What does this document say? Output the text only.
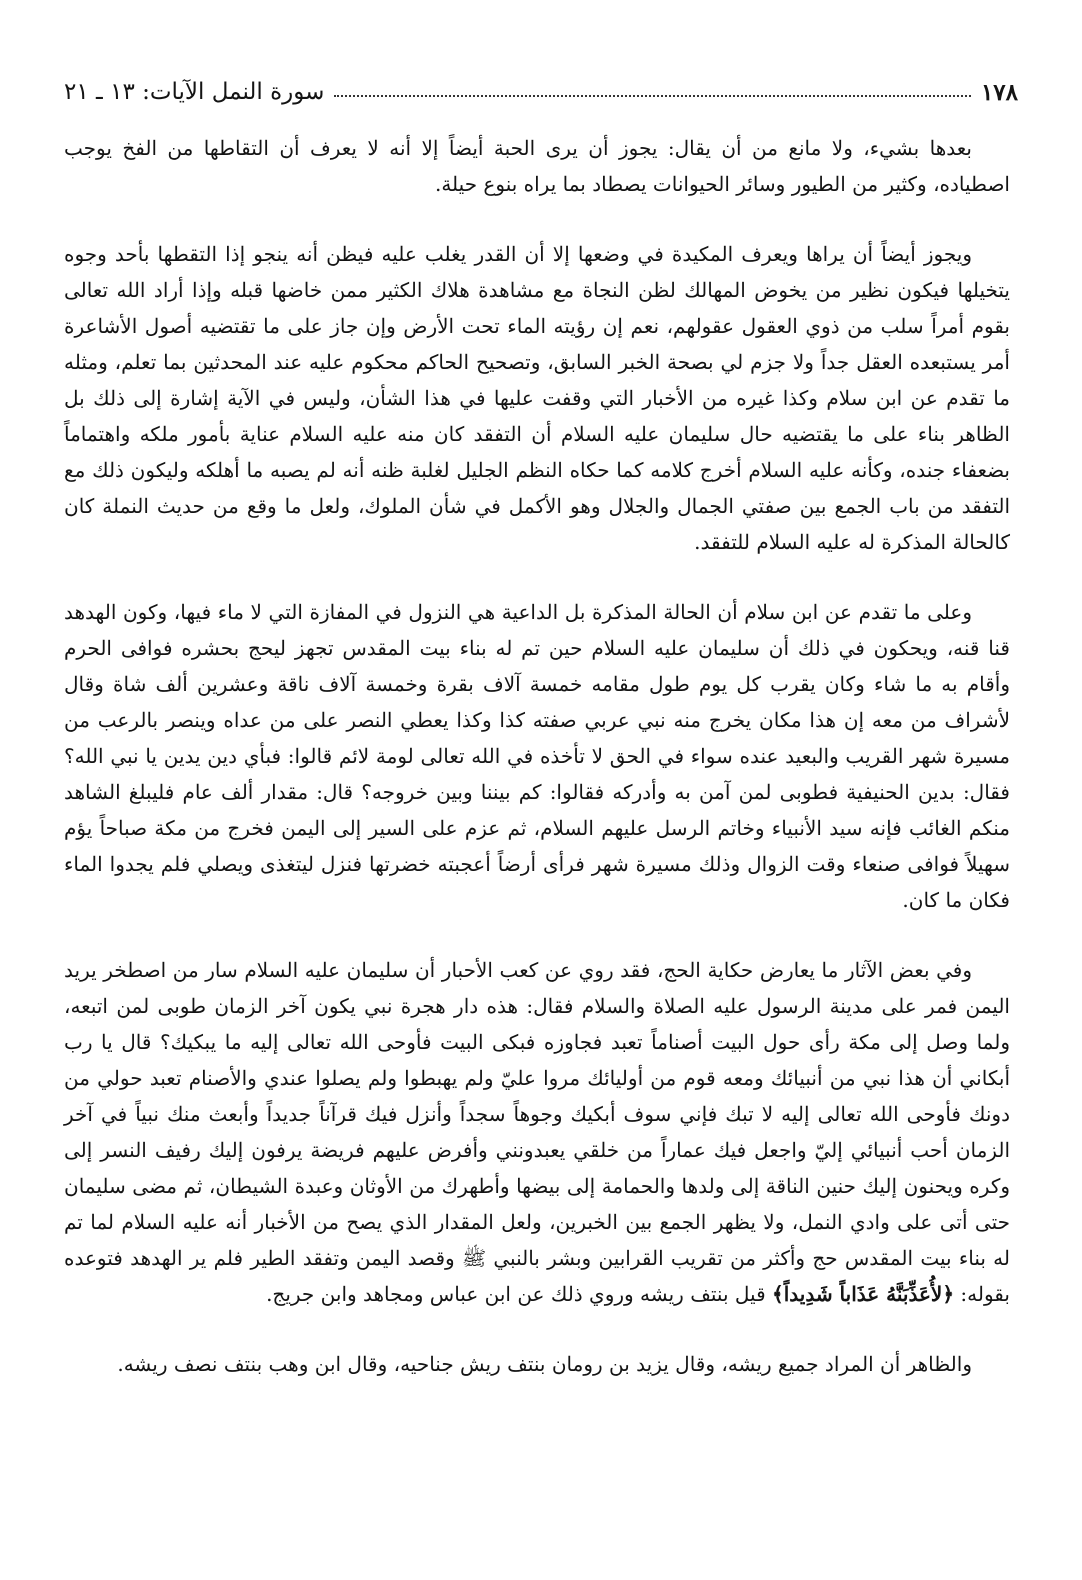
١٧٨
سورة النمل الآيات: ١٣ ـ ٢١

بعدها بشيء، ولا مانع من أن يقال: يجوز أن يرى الحبة أيضاً إلا أنه لا يعرف أن التقاطها من الفخ يوجب اصطياده، وكثير من الطيور وسائر الحيوانات يصطاد بما يراه بنوع حيلة.

ويجوز أيضاً أن يراها ويعرف المكيدة في وضعها إلا أن القدر يغلب عليه فيظن أنه ينجو إذا التقطها بأحد وجوه يتخيلها فيكون نظير من يخوض المهالك لظن النجاة مع مشاهدة هلاك الكثير ممن خاضها قبله وإذا أراد الله تعالى بقوم أمراً سلب من ذوي العقول عقولهم، نعم إن رؤيته الماء تحت الأرض وإن جاز على ما تقتضيه أصول الأشاعرة أمر يستبعده العقل جداً ولا جزم لي بصحة الخبر السابق، وتصحيح الحاكم محكوم عليه عند المحدثين بما تعلم، ومثله ما تقدم عن ابن سلام وكذا غيره من الأخبار التي وقفت عليها في هذا الشأن، وليس في الآية إشارة إلى ذلك بل الظاهر بناء على ما يقتضيه حال سليمان عليه السلام أن التفقد كان منه عليه السلام عناية بأمور ملكه واهتماماً بضعفاء جنده، وكأنه عليه السلام أخرج كلامه كما حكاه النظم الجليل لغلبة ظنه أنه لم يصبه ما أهلكه وليكون ذلك مع التفقد من باب الجمع بين صفتي الجمال والجلال وهو الأكمل في شأن الملوك، ولعل ما وقع من حديث النملة كان كالحالة المذكرة له عليه السلام للتفقد.

وعلى ما تقدم عن ابن سلام أن الحالة المذكرة بل الداعية هي النزول في المفازة التي لا ماء فيها، وكون الهدهد قنا قنه، ويحكون في ذلك أن سليمان عليه السلام حين تم له بناء بيت المقدس تجهز ليحج بحشره فوافى الحرم وأقام به ما شاء وكان يقرب كل يوم طول مقامه خمسة آلاف بقرة وخمسة آلاف ناقة وعشرين ألف شاة وقال لأشراف من معه إن هذا مكان يخرج منه نبي عربي صفته كذا وكذا يعطي النصر على من عداه وينصر بالرعب من مسيرة شهر القريب والبعيد عنده سواء في الحق لا تأخذه في الله تعالى لومة لائم قالوا: فبأي دين يدين يا نبي الله؟ فقال: بدين الحنيفية فطوبى لمن آمن به وأدركه فقالوا: كم بيننا وبين خروجه؟ قال: مقدار ألف عام فليبلغ الشاهد منكم الغائب فإنه سيد الأنبياء وخاتم الرسل عليهم السلام، ثم عزم على السير إلى اليمن فخرج من مكة صباحاً يؤم سهيلاً فوافى صنعاء وقت الزوال وذلك مسيرة شهر فرأى أرضاً أعجبته خضرتها فنزل ليتغذى ويصلي فلم يجدوا الماء فكان ما كان.

وفي بعض الآثار ما يعارض حكاية الحج، فقد روي عن كعب الأحبار أن سليمان عليه السلام سار من اصطخر يريد اليمن فمر على مدينة الرسول عليه الصلاة والسلام فقال: هذه دار هجرة نبي يكون آخر الزمان طوبى لمن اتبعه، ولما وصل إلى مكة رأى حول البيت أصناماً تعبد فجاوزه فبكى البيت فأوحى الله تعالى إليه ما يبكيك؟ قال يا رب أبكاني أن هذا نبي من أنبيائك ومعه قوم من أوليائك مروا عليّ ولم يهبطوا ولم يصلوا عندي والأصنام تعبد حولي من دونك فأوحى الله تعالى إليه لا تبك فإني سوف أبكيك وجوهاً سجداً وأنزل فيك قرآناً جديداً وأبعث منك نبياً في آخر الزمان أحب أنبيائي إليّ واجعل فيك عماراً من خلقي يعبدونني وأفرض عليهم فريضة يرفون إليك رفيف النسر إلى وكره ويحنون إليك حنين الناقة إلى ولدها والحمامة إلى بيضها وأطهرك من الأوثان وعبدة الشيطان، ثم مضى سليمان حتى أتى على وادي النمل، ولا يظهر الجمع بين الخبرين، ولعل المقدار الذي يصح من الأخبار أنه عليه السلام لما تم له بناء بيت المقدس حج وأكثر من تقريب القرابين وبشر بالنبي ﷺ وقصد اليمن وتفقد الطير فلم ير الهدهد فتوعده بقوله: ﴿لأُعَذِّبَنَّهُ عَذَاباً شَدِيداً﴾ قيل بنتف ريشه وروي ذلك عن ابن عباس ومجاهد وابن جريج.

والظاهر أن المراد جميع ريشه، وقال يزيد بن رومان بنتف ريش جناحيه، وقال ابن وهب بنتف نصف ريشه.
